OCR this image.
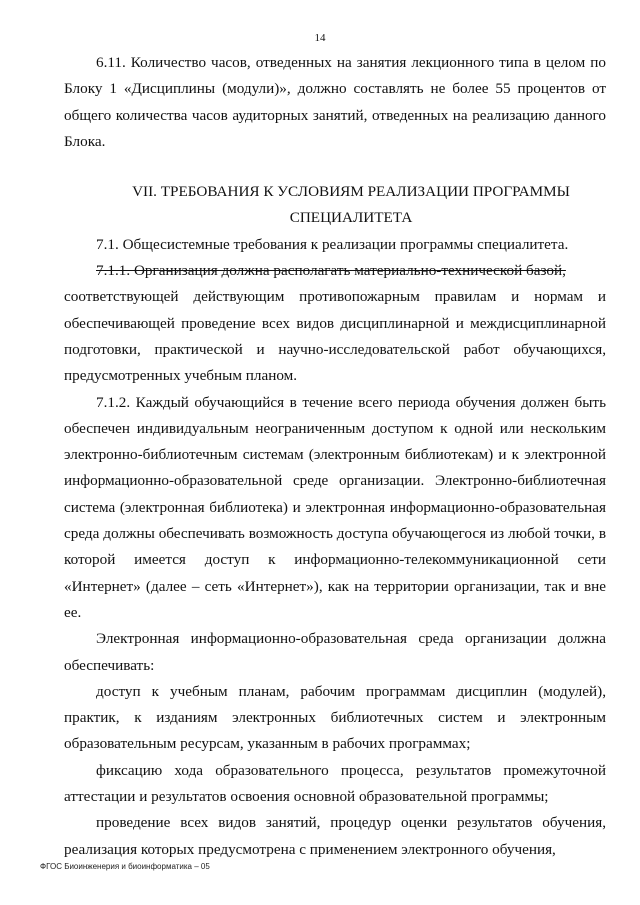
14

6.11. Количество часов, отведенных на занятия лекционного типа в целом по Блоку 1 «Дисциплины (модули)», должно составлять не более 55 процентов от общего количества часов аудиторных занятий, отведенных на реализацию данного Блока.

VII. ТРЕБОВАНИЯ К УСЛОВИЯМ РЕАЛИЗАЦИИ ПРОГРАММЫ

СПЕЦИАЛИТЕТА

7.1. Общесистемные требования к реализации программы специалитета.

7.1.1. Организация должна располагать материально-технической базой,

соответствующей действующим противопожарным правилам и нормам и обеспечивающей проведение всех видов дисциплинарной и междисциплинарной подготовки, практической и научно-исследовательской работ обучающихся, предусмотренных учебным планом.

7.1.2. Каждый обучающийся в течение всего периода обучения должен быть обеспечен индивидуальным неограниченным доступом к одной или нескольким электронно-библиотечным системам (электронным библиотекам) и к электронной информационно-образовательной среде организации. Электронно-библиотечная система (электронная библиотека) и электронная информационно-образовательная среда должны обеспечивать возможность доступа обучающегося из любой точки, в которой имеется доступ к информационно-телекоммуникационной сети «Интернет» (далее – сеть «Интернет»), как на территории организации, так и вне ее.

Электронная информационно-образовательная среда организации должна обеспечивать:

доступ к учебным планам, рабочим программам дисциплин (модулей), практик, к изданиям электронных библиотечных систем и электронным образовательным ресурсам, указанным в рабочих программах;

фиксацию хода образовательного процесса, результатов промежуточной аттестации и результатов освоения основной образовательной программы;

проведение всех видов занятий, процедур оценки результатов обучения, реализация которых предусмотрена с применением электронного обучения,

ФГОС Биоинженерия и биоинформатика – 05
